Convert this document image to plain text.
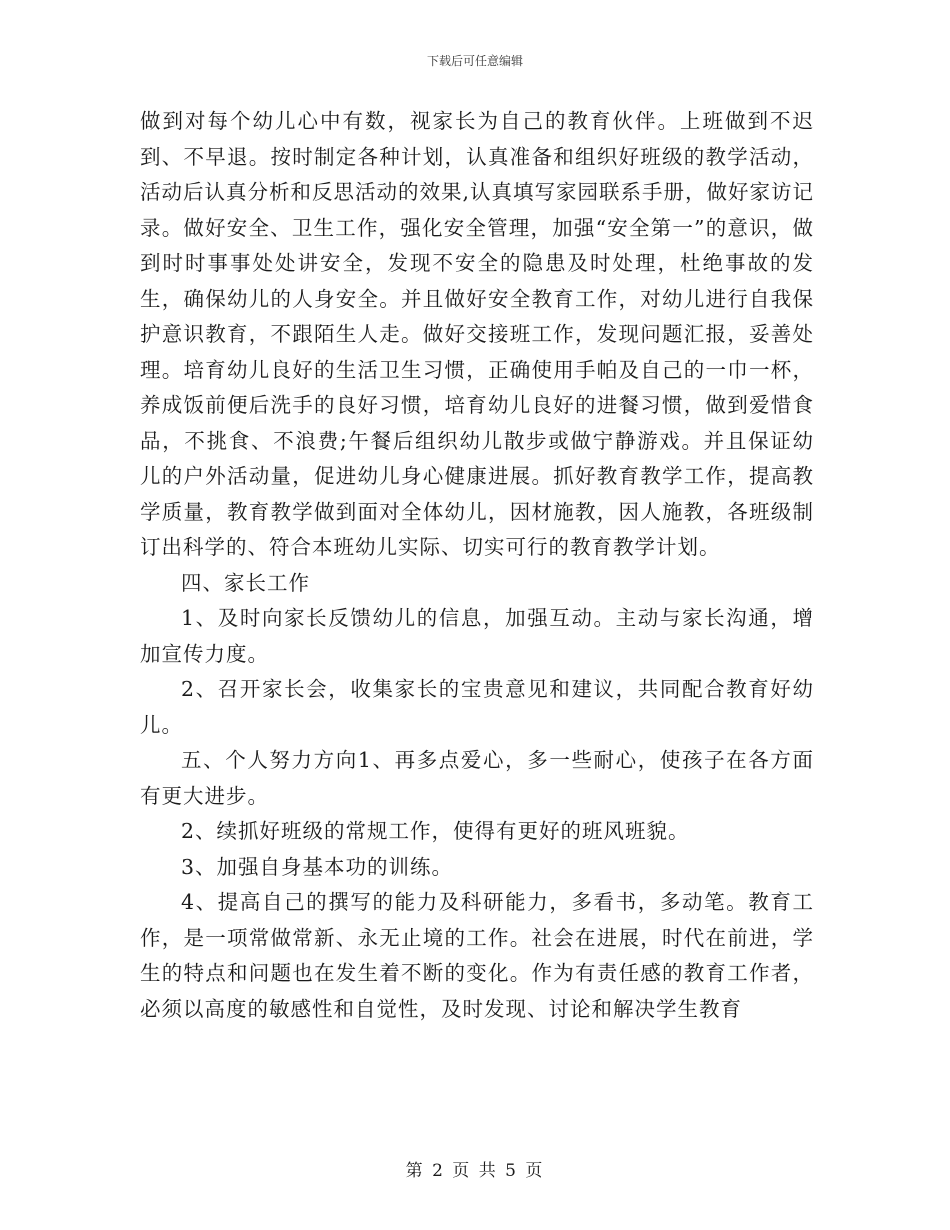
下载后可任意编辑

做到对每个幼儿心中有数，视家长为自己的教育伙伴。上班做到不迟到、不早退。按时制定各种计划，认真准备和组织好班级的教学活动，活动后认真分析和反思活动的效果,认真填写家园联系手册，做好家访记录。做好安全、卫生工作，强化安全管理，加强“安全第一”的意识，做到时时事事处处讲安全，发现不安全的隐患及时处理，杜绝事故的发生，确保幼儿的人身安全。并且做好安全教育工作，对幼儿进行自我保护意识教育，不跟陌生人走。做好交接班工作，发现问题汇报，妥善处理。培育幼儿良好的生活卫生习惯，正确使用手帕及自己的一巾一杯，养成饭前便后洗手的良好习惯，培育幼儿良好的进餐习惯，做到爱惜食品，不挑食、不浪费;午餐后组织幼儿散步或做宁静游戏。并且保证幼儿的户外活动量，促进幼儿身心健康进展。抓好教育教学工作，提高教学质量，教育教学做到面对全体幼儿，因材施教，因人施教，各班级制订出科学的、符合本班幼儿实际、切实可行的教育教学计划。

四、家长工作

1、及时向家长反馈幼儿的信息，加强互动。主动与家长沟通，增加宣传力度。

2、召开家长会，收集家长的宝贵意见和建议，共同配合教育好幼儿。

五、个人努力方向1、再多点爱心，多一些耐心，使孩子在各方面有更大进步。

2、续抓好班级的常规工作，使得有更好的班风班貌。

3、加强自身基本功的训练。

4、提高自己的撰写的能力及科研能力，多看书，多动笔。教育工作，是一项常做常新、永无止境的工作。社会在进展，时代在前进，学生的特点和问题也在发生着不断的变化。作为有责任感的教育工作者，必须以高度的敏感性和自觉性，及时发现、讨论和解决学生教育

第 2 页 共 5 页
